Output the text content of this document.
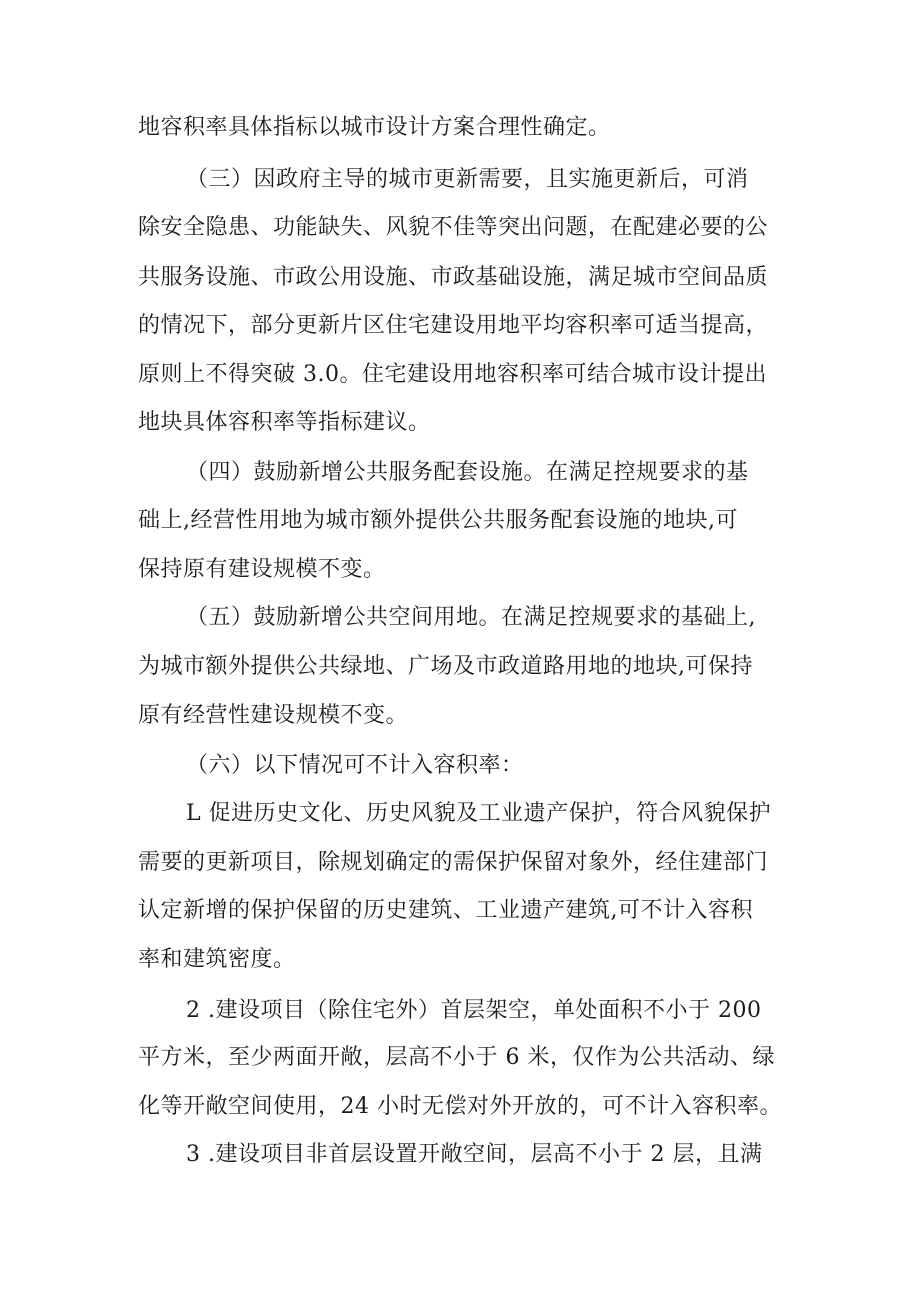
地容积率具体指标以城市设计方案合理性确定。
（三）因政府主导的城市更新需要，且实施更新后，可消
除安全隐患、功能缺失、风貌不佳等突出问题，在配建必要的公
共服务设施、市政公用设施、市政基础设施，满足城市空间品质
的情况下，部分更新片区住宅建设用地平均容积率可适当提高，
原则上不得突破 3.0。住宅建设用地容积率可结合城市设计提出
地块具体容积率等指标建议。
（四）鼓励新增公共服务配套设施。在满足控规要求的基
础上,经营性用地为城市额外提供公共服务配套设施的地块,可
保持原有建设规模不变。
（五）鼓励新增公共空间用地。在满足控规要求的基础上,
为城市额外提供公共绿地、广场及市政道路用地的地块,可保持
原有经营性建设规模不变。
（六）以下情况可不计入容积率：
L 促进历史文化、历史风貌及工业遗产保护，符合风貌保护
需要的更新项目，除规划确定的需保护保留对象外，经住建部门
认定新增的保护保留的历史建筑、工业遗产建筑,可不计入容积
率和建筑密度。
2 .建设项目（除住宅外）首层架空，单处面积不小于 200
平方米，至少两面开敞，层高不小于 6 米，仅作为公共活动、绿
化等开敞空间使用，24 小时无偿对外开放的，可不计入容积率。
3 .建设项目非首层设置开敞空间，层高不小于 2 层，且满
